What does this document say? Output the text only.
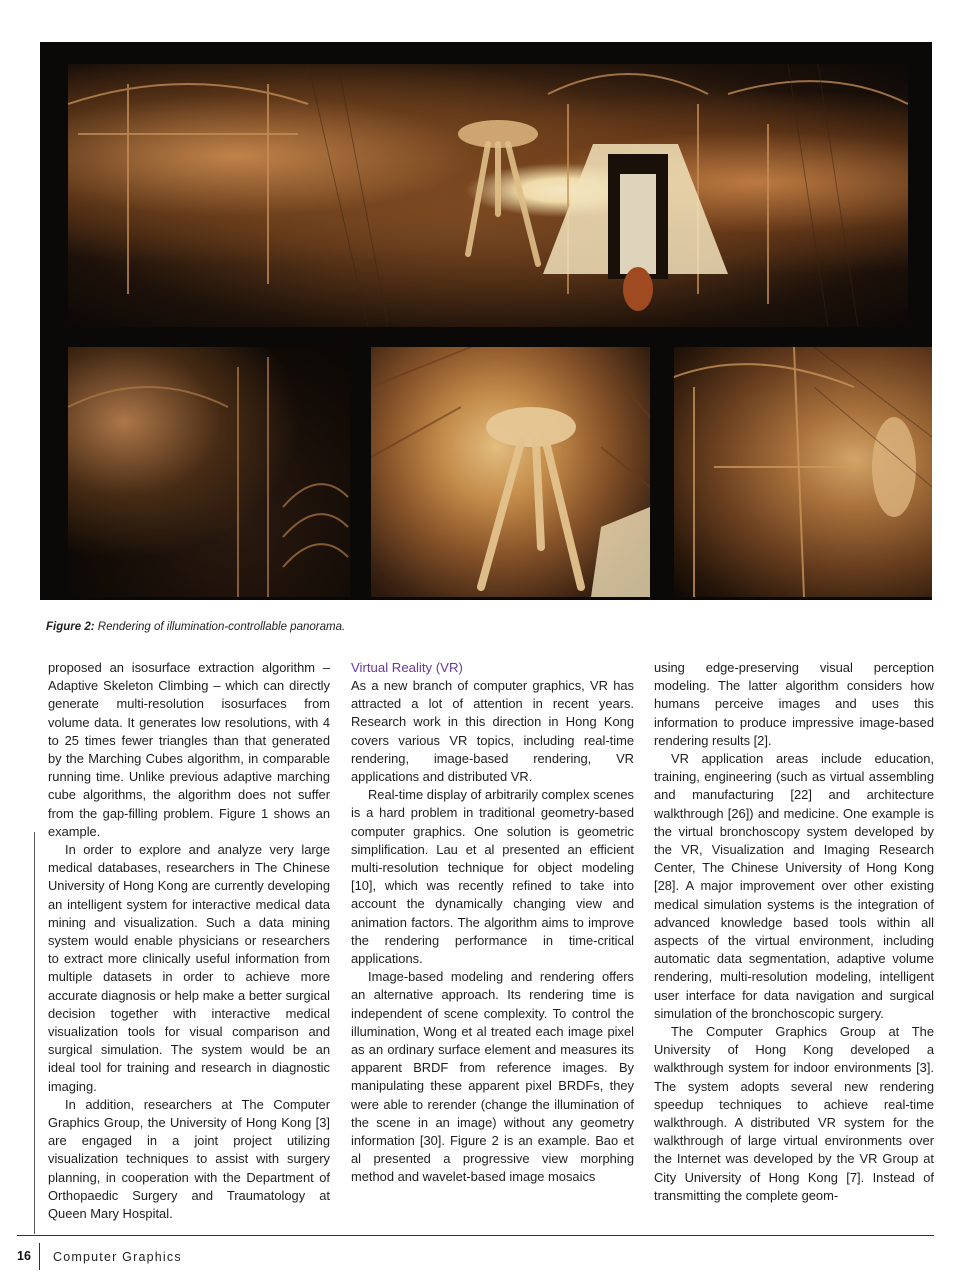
Figure 2: Rendering of illumination-controllable panorama.

proposed an isosurface extraction algorithm – Adaptive Skeleton Climbing – which can directly generate multi-resolution isosurfaces from volume data. It generates low resolutions, with 4 to 25 times fewer triangles than that generated by the Marching Cubes algorithm, in comparable running time. Unlike previous adaptive marching cube algorithms, the algorithm does not suffer from the gap-filling problem. Figure 1 shows an example.

In order to explore and analyze very large medical databases, researchers in The Chinese University of Hong Kong are currently developing an intelligent system for interactive medical data mining and visualization. Such a data mining system would enable physicians or researchers to extract more clinically useful information from multiple datasets in order to achieve more accurate diagnosis or help make a better surgical decision together with interactive medical visualization tools for visual comparison and surgical simulation. The system would be an ideal tool for training and research in diagnostic imaging.

In addition, researchers at The Computer Graphics Group, the University of Hong Kong [3] are engaged in a joint project utilizing visualization techniques to assist with surgery planning, in cooperation with the Department of Orthopaedic Surgery and Traumatology at Queen Mary Hospital.

Virtual Reality (VR)

As a new branch of computer graphics, VR has attracted a lot of attention in recent years. Research work in this direction in Hong Kong covers various VR topics, including real-time rendering, image-based rendering, VR applications and distributed VR.

Real-time display of arbitrarily complex scenes is a hard problem in traditional geometry-based computer graphics. One solution is geometric simplification. Lau et al presented an efficient multi-resolution technique for object modeling [10], which was recently refined to take into account the dynamically changing view and animation factors. The algorithm aims to improve the rendering performance in time-critical applications.

Image-based modeling and rendering offers an alternative approach. Its rendering time is independent of scene complexity. To control the illumination, Wong et al treated each image pixel as an ordinary surface element and measures its apparent BRDF from reference images. By manipulating these apparent pixel BRDFs, they were able to rerender (change the illumination of the scene in an image) without any geometry information [30]. Figure 2 is an example. Bao et al presented a progressive view morphing method and wavelet-based image mosaics

using edge-preserving visual perception modeling. The latter algorithm considers how humans perceive images and uses this information to produce impressive image-based rendering results [2].

VR application areas include education, training, engineering (such as virtual assembling and manufacturing [22] and architecture walkthrough [26]) and medicine. One example is the virtual bronchoscopy system developed by the VR, Visualization and Imaging Research Center, The Chinese University of Hong Kong [28]. A major improvement over other existing medical simulation systems is the integration of advanced knowledge based tools within all aspects of the virtual environment, including automatic data segmentation, adaptive volume rendering, multi-resolution modeling, intelligent user interface for data navigation and surgical simulation of the bronchoscopic surgery.

The Computer Graphics Group at The University of Hong Kong developed a walkthrough system for indoor environments [3]. The system adopts several new rendering speedup techniques to achieve real-time walkthrough. A distributed VR system for the walkthrough of large virtual environments over the Internet was developed by the VR Group at City University of Hong Kong [7]. Instead of transmitting the complete geom-

16 Computer Graphics
